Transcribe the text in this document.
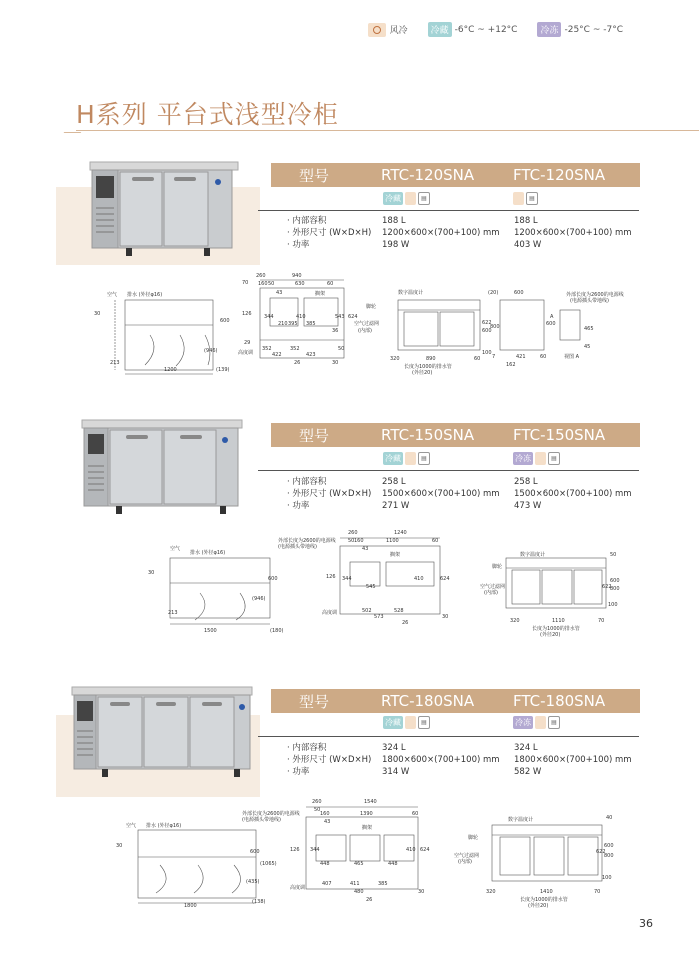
风冷	冷藏 -6°C ~ +12°C	冷冻 -25°C ~ -7°C
H系列 平台式浅型冷柜
型号	RTC-120SNA	FTC-120SNA
冷藏	▤	▤
· 内部容积	188 L	188 L
· 外形尺寸 (W×D×H)	1200×600×(700+100) mm	1200×600×(700+100) mm
· 功率	198 W	403 W
空气 排水 (外径φ16)
30
600
(946)
213
1200	(139)
260	940
70	50
160	630	60
43	搁架
126 344	410
210 395 385
543 624
36
29
高度调
352	352
422	423
50
26	30
数字温度计
脚轮
空气过滤网
(内部)
622
600
800
100
320	890	60
长度为1000的排水管
(外径20)
(20)	600	外部长度为2600的电源线
(电源插头带地线)
600
A
465
45
7	421	60
162
视图 A
型号	RTC-150SNA	FTC-150SNA
冷藏	▤	冷冻	▤
· 内部容积	258 L	258 L
· 外形尺寸 (W×D×H)	1500×600×(700+100) mm	1500×600×(700+100) mm
· 功率	271 W	473 W
空气
排水 (外径φ16)
30
600
(946)
213
1500	(180)
外部长度为2600的电源线
(电源插头带地线)
260	1240
50 160	1100	60
43
搁架
126 344	410
545
624
高度调	502	528
573
26
30
数字温度计	50
脚轮
空气过滤网
(内部)
622
600
800
100
320	1110	70
长度为1000的排水管
(外径20)
型号	RTC-180SNA	FTC-180SNA
冷藏	▤	冷冻	▤
· 内部容积	324 L	324 L
· 外形尺寸 (W×D×H)	1800×600×(700+100) mm	1800×600×(700+100) mm
· 功率	314 W	582 W
空气 排水 (外径φ16)
30
600
(1065)
(435)
1800
(138)
外部长度为2600的电源线
(电源插头带地线)
260	1540
50
160	1390	60
43
搁架
126 344	410
448	465	448
624
高度调
407	411	385
480
26
30
数字温度计	40
脚轮
空气过滤网
(内部)
622
600
800
100
320	1410	70
长度为1000的排水管
(外径20)
36
